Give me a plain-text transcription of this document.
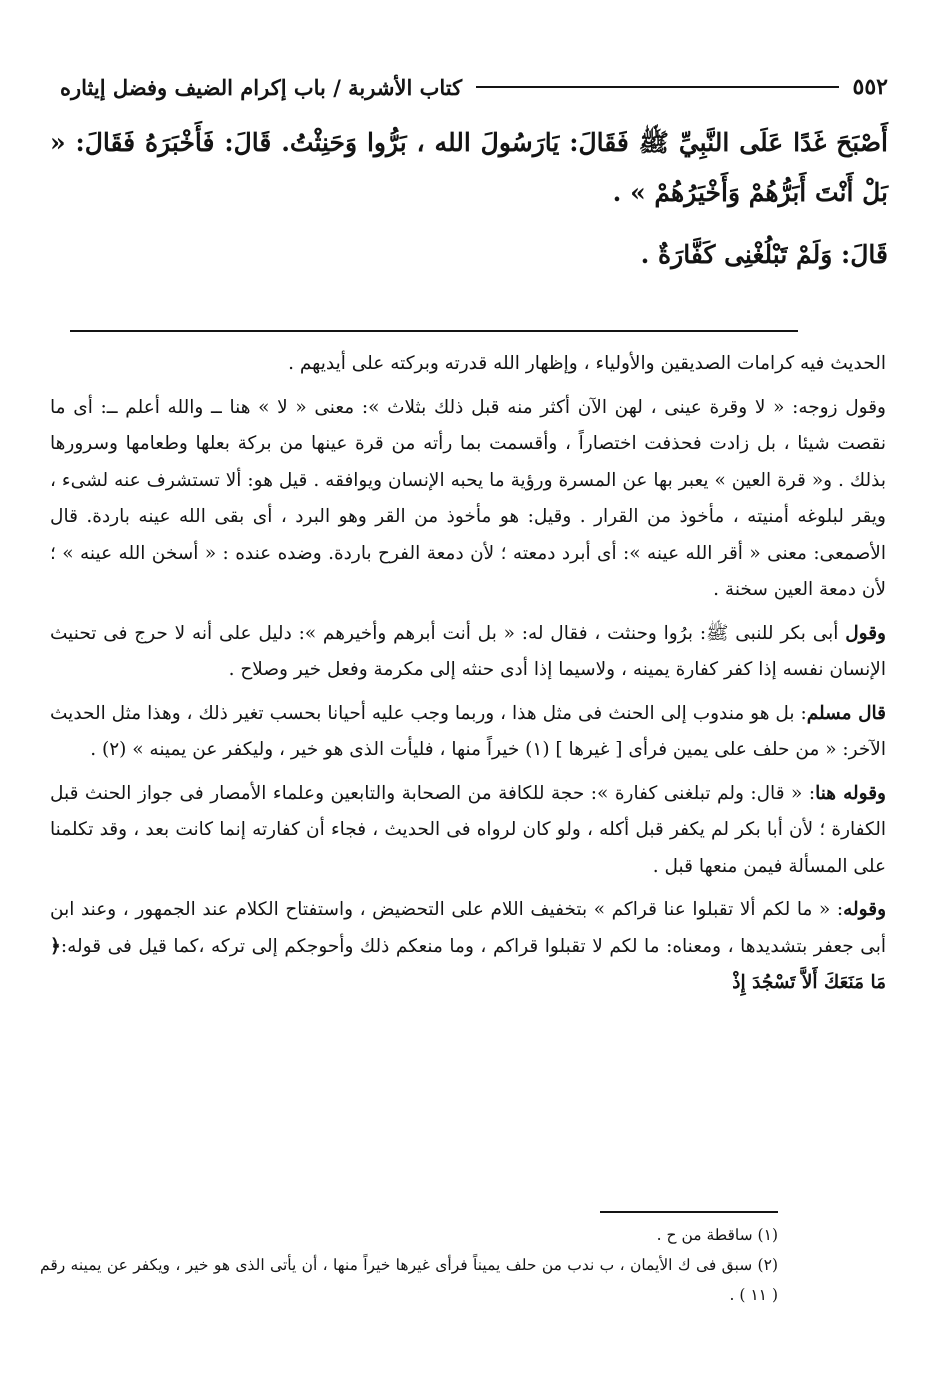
٥٥٢
كتاب الأشربة / باب إكرام الضيف وفضل إيثاره

أَصْبَحَ غَدًا عَلَى النَّبِيِّ ﷺ فَقَالَ: يَارَسُولَ الله ، بَرُّوا وَحَنِثْتُ. قَالَ: فَأَخْبَرَهُ فَقَالَ: « بَلْ أَنْتَ أَبَرُّهُمْ وَأَخْيَرُهُمْ » .

قَالَ: وَلَمْ تَبْلُغْنِى كَفَّارَةٌ .

الحديث فيه كرامات الصديقين والأولياء ، وإظهار الله قدرته وبركته على أيديهم .

وقول زوجه: « لا وقرة عينى ، لهن الآن أكثر منه قبل ذلك بثلاث »: معنى « لا » هنا ــ والله أعلم ــ: أى ما نقصت شيئا ، بل زادت فحذفت اختصاراً ، وأقسمت بما رأته من قرة عينها من بركة بعلها وطعامها وسرورها بذلك . و« قرة العين » يعبر بها عن المسرة ورؤية ما يحبه الإنسان ويوافقه . قيل هو: ألا تستشرف عنه لشىء ، ويقر لبلوغه أمنيته ، مأخوذ من القرار . وقيل: هو مأخوذ من القر وهو البرد ، أى بقى الله عينه باردة. قال الأصمعى: معنى « أقر الله عينه »: أى أبرد دمعته ؛ لأن دمعة الفرح باردة. وضده عنده : « أسخن الله عينه » ؛ لأن دمعة العين سخنة .

وقول أبى بكر للنبى ﷺ: برُوا وحنثت ، فقال له: « بل أنت أبرهم وأخيرهم »: دليل على أنه لا حرج فى تحنيث الإنسان نفسه إذا كفر كفارة يمينه ، ولاسيما إذا أدى حنثه إلى مكرمة وفعل خير وصلاح .

قال مسلم: بل هو مندوب إلى الحنث فى مثل هذا ، وربما وجب عليه أحيانا بحسب تغير ذلك ، وهذا مثل الحديث الآخر: « من حلف على يمين فرأى [ غيرها ] (١) خيراً منها ، فليأت الذى هو خير ، وليكفر عن يمينه » (٢) .

وقوله هنا: « قال: ولم تبلغنى كفارة »: حجة للكافة من الصحابة والتابعين وعلماء الأمصار فى جواز الحنث قبل الكفارة ؛ لأن أبا بكر لم يكفر قبل أكله ، ولو كان لرواه فى الحديث ، فجاء أن كفارته إنما كانت بعد ، وقد تكلمنا على المسألة فيمن منعها قبل .

وقوله: « ما لكم ألا تقبلوا عنا قراكم » بتخفيف اللام على التحضيض ، واستفتاح الكلام عند الجمهور ، وعند ابن أبى جعفر بتشديدها ، ومعناه: ما لكم لا تقبلوا قراكم ، وما منعكم ذلك وأحوجكم إلى تركه ،كما قيل فى قوله:﴿ مَا مَنَعَكَ أَلاَّ تَسْجُدَ إِذْ

(١) ساقطة من ح .

(٢) سبق فى ك الأيمان ، ب ندب من حلف يميناً فرأى غيرها خيراً منها ، أن يأتى الذى هو خير ، ويكفر عن يمينه رقم ( ١١ ) .
